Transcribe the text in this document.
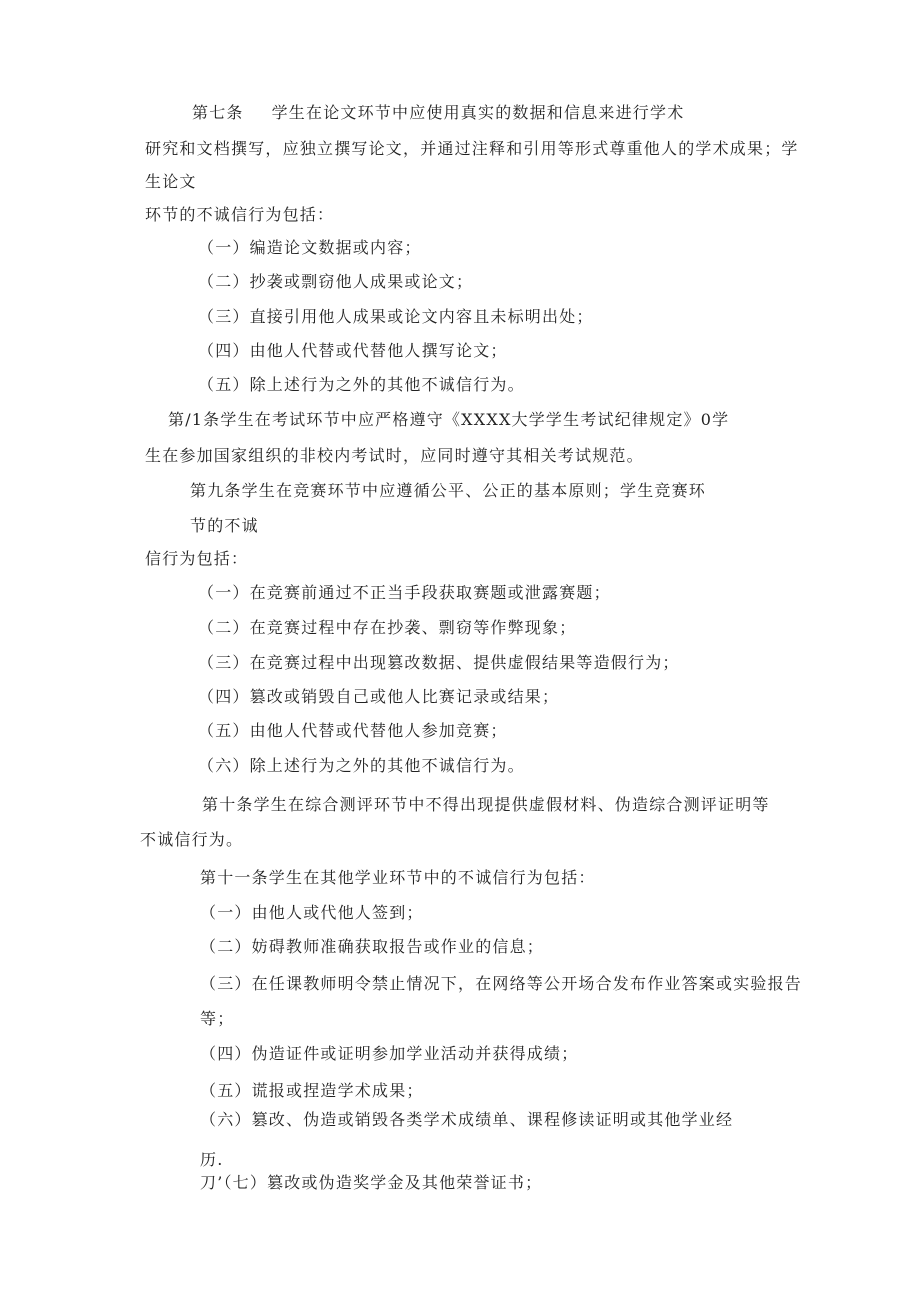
第七条 学生在论文环节中应使用真实的数据和信息来进行学术
研究和文档撰写，应独立撰写论文，并通过注释和引用等形式尊重他人的学术成果；学
生论文
环节的不诚信行为包括：
（一）编造论文数据或内容；
（二）抄袭或剽窃他人成果或论文；
（三）直接引用他人成果或论文内容且未标明出处；
（四）由他人代替或代替他人撰写论文；
（五）除上述行为之外的其他不诚信行为。
第/1条学生在考试环节中应严格遵守《XXXX大学学生考试纪律规定》0学
生在参加国家组织的非校内考试时，应同时遵守其相关考试规范。
第九条学生在竞赛环节中应遵循公平、公正的基本原则；学生竞赛环
节的不诚
信行为包括：
（一）在竞赛前通过不正当手段获取赛题或泄露赛题；
（二）在竞赛过程中存在抄袭、剽窃等作弊现象；
（三）在竞赛过程中出现篡改数据、提供虚假结果等造假行为；
（四）篡改或销毁自己或他人比赛记录或结果；
（五）由他人代替或代替他人参加竞赛；
（六）除上述行为之外的其他不诚信行为。
第十条学生在综合测评环节中不得出现提供虚假材料、伪造综合测评证明等
不诚信行为。
第十一条学生在其他学业环节中的不诚信行为包括：
（一）由他人或代他人签到；
（二）妨碍教师准确获取报告或作业的信息；
（三）在任课教师明令禁止情况下，在网络等公开场合发布作业答案或实验报告
等；
（四）伪造证件或证明参加学业活动并获得成绩；
（五）谎报或捏造学术成果；
（六）篡改、伪造或销毁各类学术成绩单、课程修读证明或其他学业经
历.
刀’（七）篡改或伪造奖学金及其他荣誉证书；
